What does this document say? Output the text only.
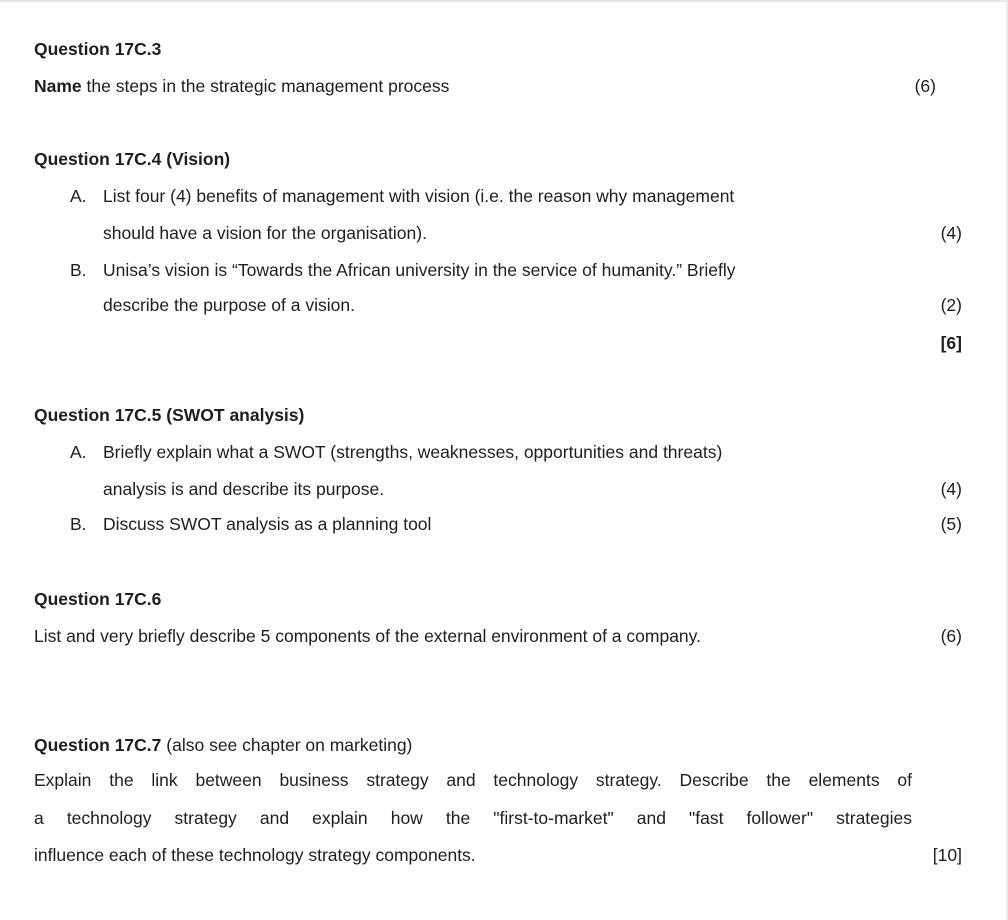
Question 17C.3
Name the steps in the strategic management process	(6)
Question 17C.4 (Vision)
A. List four (4) benefits of management with vision (i.e. the reason why management
should have a vision for the organisation).	(4)
B. Unisa’s vision is “Towards the African university in the service of humanity.” Briefly
describe the purpose of a vision.	(2)
[6]
Question 17C.5 (SWOT analysis)
A. Briefly explain what a SWOT (strengths, weaknesses, opportunities and threats)
analysis is and describe its purpose.	(4)
B. Discuss SWOT analysis as a planning tool	(5)
Question 17C.6
List and very briefly describe 5 components of the external environment of a company.	(6)
Question 17C.7 (also see chapter on marketing)
Explain the link between business strategy and technology strategy. Describe the elements of
a technology strategy and explain how the "first-to-market" and "fast follower" strategies
influence each of these technology strategy components.	[10]
